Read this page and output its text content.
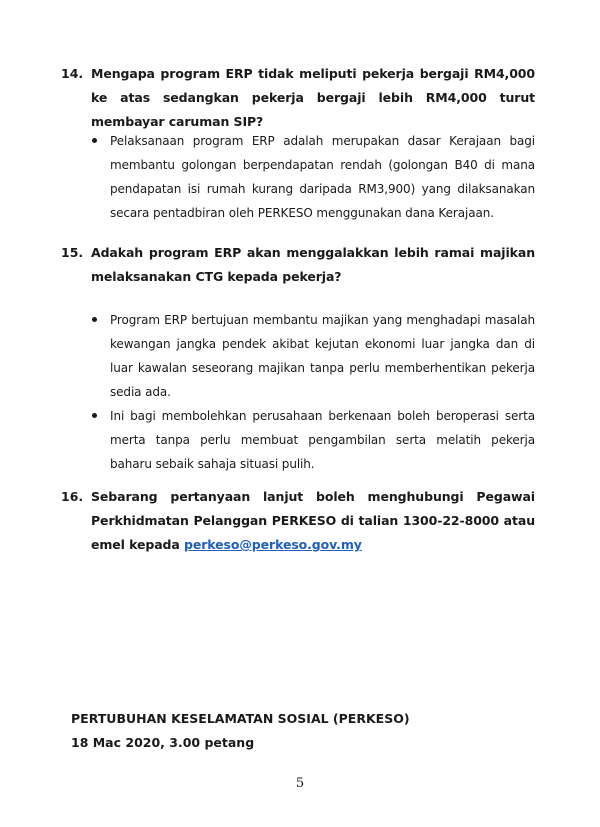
14. Mengapa program ERP tidak meliputi pekerja bergaji RM4,000 ke atas sedangkan pekerja bergaji lebih RM4,000 turut membayar caruman SIP?
Pelaksanaan program ERP adalah merupakan dasar Kerajaan bagi membantu golongan berpendapatan rendah (golongan B40 di mana pendapatan isi rumah kurang daripada RM3,900) yang dilaksanakan secara pentadbiran oleh PERKESO menggunakan dana Kerajaan.
15. Adakah program ERP akan menggalakkan lebih ramai majikan melaksanakan CTG kepada pekerja?
Program ERP bertujuan membantu majikan yang menghadapi masalah kewangan jangka pendek akibat kejutan ekonomi luar jangka dan di luar kawalan seseorang majikan tanpa perlu memberhentikan pekerja sedia ada.
Ini bagi membolehkan perusahaan berkenaan boleh beroperasi serta merta tanpa perlu membuat pengambilan serta melatih pekerja baharu sebaik sahaja situasi pulih.
16. Sebarang pertanyaan lanjut boleh menghubungi Pegawai Perkhidmatan Pelanggan PERKESO di talian 1300-22-8000 atau emel kepada perkeso@perkeso.gov.my
PERTUBUHAN KESELAMATAN SOSIAL (PERKESO)
18 Mac 2020, 3.00 petang
5
